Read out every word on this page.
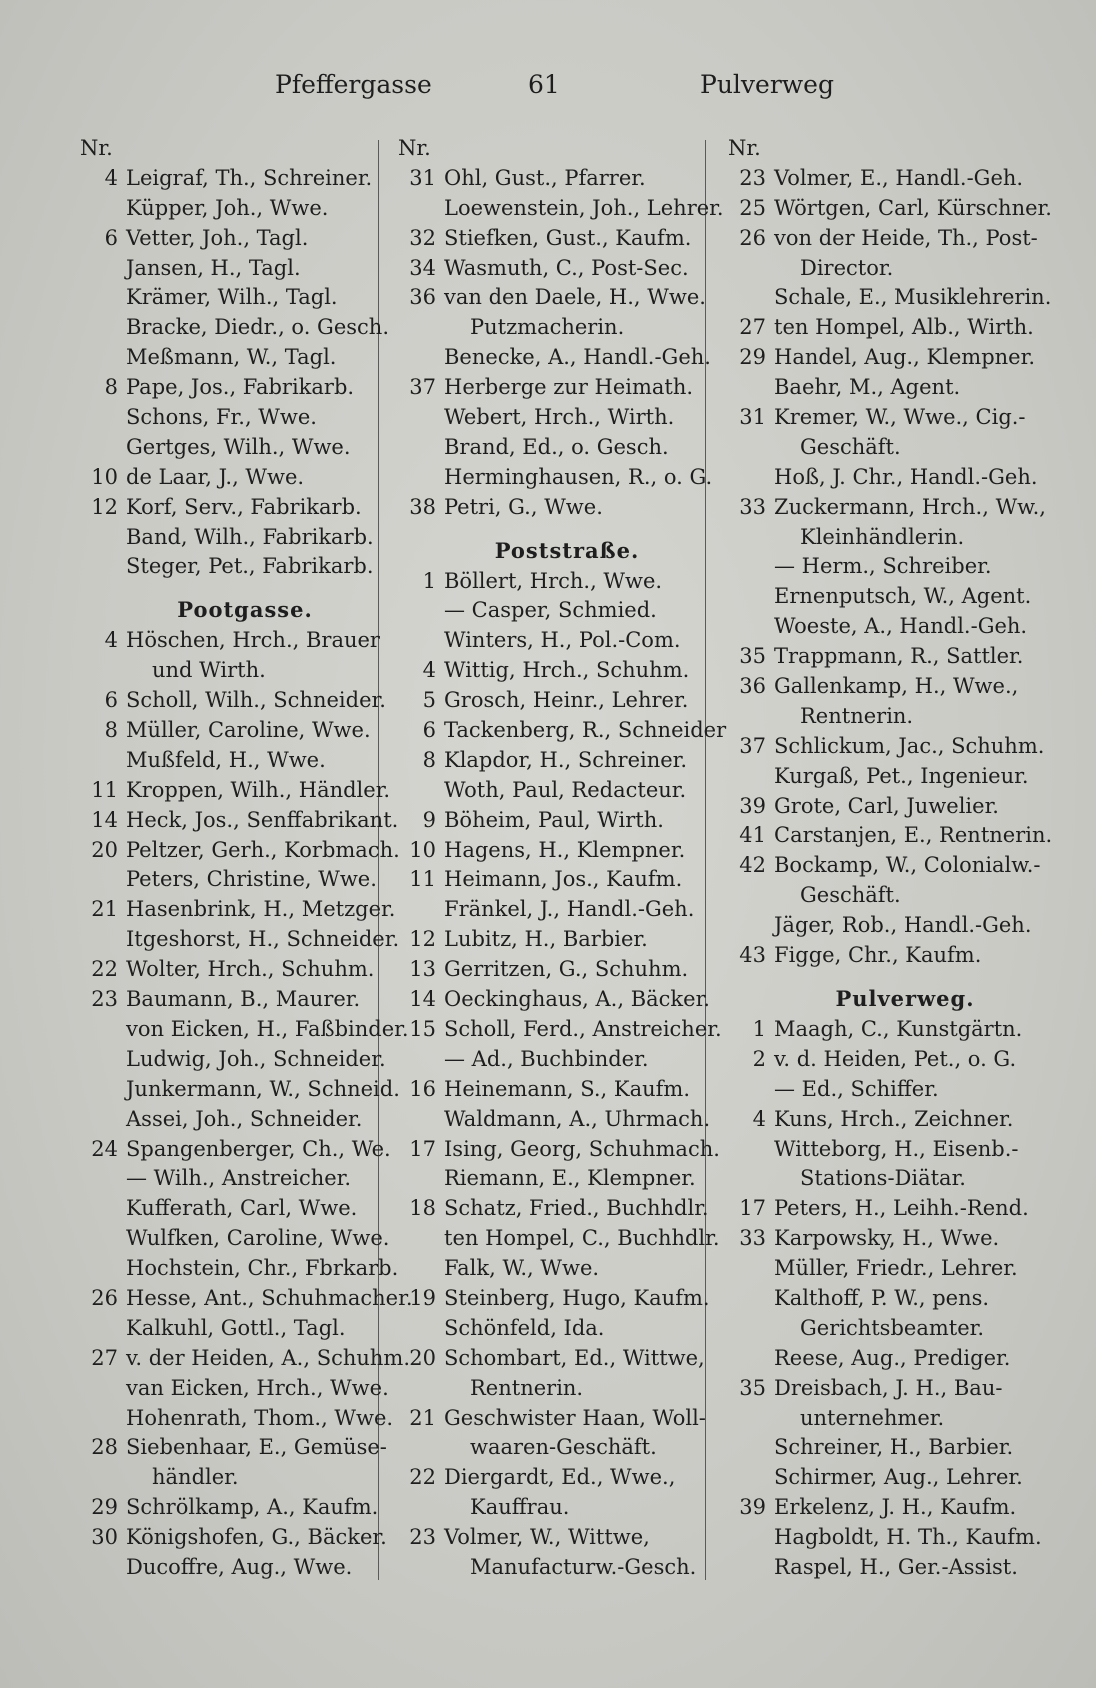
Pfeffergasse	61	Pulverweg
Nr.
4 Leigraf, Th., Schreiner.
Küpper, Joh., Wwe.
6 Vetter, Joh., Tagl.
Jansen, H., Tagl.
Krämer, Wilh., Tagl.
Bracke, Diedr., o. Gesch.
Meßmann, W., Tagl.
8 Pape, Jos., Fabrikarb.
Schons, Fr., Wwe.
Gertges, Wilh., Wwe.
10 de Laar, J., Wwe.
12 Korf, Serv., Fabrikarb.
Band, Wilh., Fabrikarb.
Steger, Pet., Fabrikarb.
Pootgasse.
4 Höschen, Hrch., Brauer
und Wirth.
6 Scholl, Wilh., Schneider.
8 Müller, Caroline, Wwe.
Mußfeld, H., Wwe.
11 Kroppen, Wilh., Händler.
14 Heck, Jos., Senffabrikant.
20 Peltzer, Gerh., Korbmach.
Peters, Christine, Wwe.
21 Hasenbrink, H., Metzger.
Itgeshorst, H., Schneider.
22 Wolter, Hrch., Schuhm.
23 Baumann, B., Maurer.
von Eicken, H., Faßbinder.
Ludwig, Joh., Schneider.
Junkermann, W., Schneid.
Assei, Joh., Schneider.
24 Spangenberger, Ch., We.
— Wilh., Anstreicher.
Kufferath, Carl, Wwe.
Wulfken, Caroline, Wwe.
Hochstein, Chr., Fbrkarb.
26 Hesse, Ant., Schuhmacher.
Kalkuhl, Gottl., Tagl.
27 v. der Heiden, A., Schuhm.
van Eicken, Hrch., Wwe.
Hohenrath, Thom., Wwe.
28 Siebenhaar, E., Gemüse-
händler.
29 Schrölkamp, A., Kaufm.
30 Königshofen, G., Bäcker.
Ducoffre, Aug., Wwe.
Nr.
31 Ohl, Gust., Pfarrer.
Loewenstein, Joh., Lehrer.
32 Stiefken, Gust., Kaufm.
34 Wasmuth, C., Post-Sec.
36 van den Daele, H., Wwe.
Putzmacherin.
Benecke, A., Handl.-Geh.
37 Herberge zur Heimath.
Webert, Hrch., Wirth.
Brand, Ed., o. Gesch.
Herminghausen, R., o. G.
38 Petri, G., Wwe.
Poststraße.
1 Böllert, Hrch., Wwe.
— Casper, Schmied.
Winters, H., Pol.-Com.
4 Wittig, Hrch., Schuhm.
5 Grosch, Heinr., Lehrer.
6 Tackenberg, R., Schneider
8 Klapdor, H., Schreiner.
Woth, Paul, Redacteur.
9 Böheim, Paul, Wirth.
10 Hagens, H., Klempner.
11 Heimann, Jos., Kaufm.
Fränkel, J., Handl.-Geh.
12 Lubitz, H., Barbier.
13 Gerritzen, G., Schuhm.
14 Oeckinghaus, A., Bäcker.
15 Scholl, Ferd., Anstreicher.
— Ad., Buchbinder.
16 Heinemann, S., Kaufm.
Waldmann, A., Uhrmach.
17 Ising, Georg, Schuhmach.
Riemann, E., Klempner.
18 Schatz, Fried., Buchhdlr.
ten Hompel, C., Buchhdlr.
Falk, W., Wwe.
19 Steinberg, Hugo, Kaufm.
Schönfeld, Ida.
20 Schombart, Ed., Wittwe,
Rentnerin.
21 Geschwister Haan, Woll-
waaren-Geschäft.
22 Diergardt, Ed., Wwe.,
Kauffrau.
23 Volmer, W., Wittwe,
Manufacturw.-Gesch.
Nr.
23 Volmer, E., Handl.-Geh.
25 Wörtgen, Carl, Kürschner.
26 von der Heide, Th., Post-
Director.
Schale, E., Musiklehrerin.
27 ten Hompel, Alb., Wirth.
29 Handel, Aug., Klempner.
Baehr, M., Agent.
31 Kremer, W., Wwe., Cig.-
Geschäft.
Hoß, J. Chr., Handl.-Geh.
33 Zuckermann, Hrch., Ww.,
Kleinhändlerin.
— Herm., Schreiber.
Ernenputsch, W., Agent.
Woeste, A., Handl.-Geh.
35 Trappmann, R., Sattler.
36 Gallenkamp, H., Wwe.,
Rentnerin.
37 Schlickum, Jac., Schuhm.
Kurgaß, Pet., Ingenieur.
39 Grote, Carl, Juwelier.
41 Carstanjen, E., Rentnerin.
42 Bockamp, W., Colonialw.-
Geschäft.
Jäger, Rob., Handl.-Geh.
43 Figge, Chr., Kaufm.
Pulverweg.
1 Maagh, C., Kunstgärtn.
2 v. d. Heiden, Pet., o. G.
— Ed., Schiffer.
4 Kuns, Hrch., Zeichner.
Witteborg, H., Eisenb.-
Stations-Diätar.
17 Peters, H., Leihh.-Rend.
33 Karpowsky, H., Wwe.
Müller, Friedr., Lehrer.
Kalthoff, P. W., pens.
Gerichtsbeamter.
Reese, Aug., Prediger.
35 Dreisbach, J. H., Bau-
unternehmer.
Schreiner, H., Barbier.
Schirmer, Aug., Lehrer.
39 Erkelenz, J. H., Kaufm.
Hagboldt, H. Th., Kaufm.
Raspel, H., Ger.-Assist.
